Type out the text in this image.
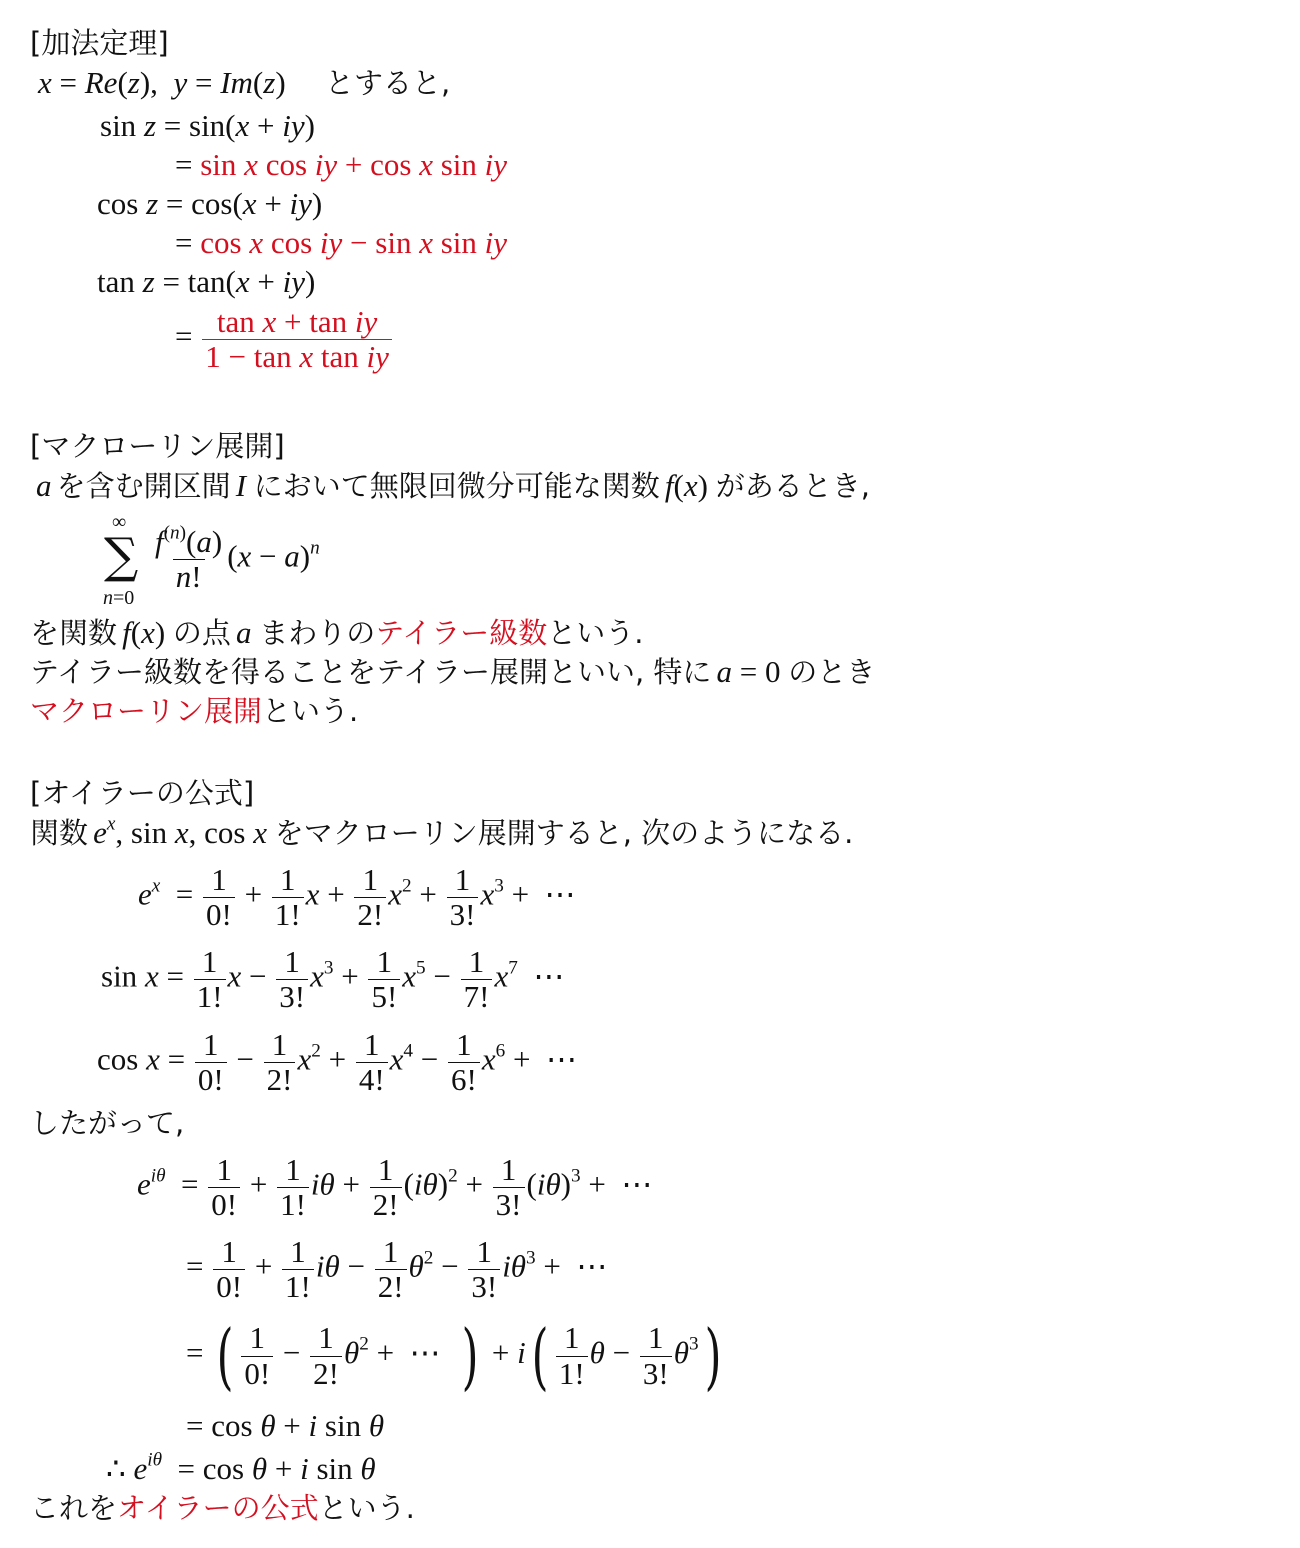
[加法定理]
x = Re(z),  y = Im(z) とすると,
sin z = sin(x + iy)
= sin x cos iy + cos x sin iy
cos z = cos(x + iy)
= cos x cos iy − sin x sin iy
tan z = tan(x + iy)
= $\frac{\text{tan x + tan iy}}{\text{1 − tan x tan iy}}$
[マクローリン展開]
a を含む開区間 I において無限回微分可能な関数 f(x) があるとき,
∞
∑
n=0
$\frac{f^{(n)}(a)}{n!} (x - a)^n$
を関数 f(x) の点 a まわりのテイラー級数という.
テイラー級数を得ることをテイラー展開といい, 特に a = 0 のとき
マクローリン展開という.
[オイラーの公式]
関数 $e^x$, sin x, cos x をマクローリン展開すると, 次のようになる.
$e^x = \frac{1}{0!} + \frac{1}{1!}$ $x + \frac{1}{2!} x^2 + \frac{1}{3!} x^3$ +  ⋯
$\sin x = \frac{1}{1!}$ $x - \frac{1}{3!} x^3 + \frac{1}{5!} x^5 - \frac{1}{7!} x^7$  ⋯
$\cos x = \frac{1}{0!} - \frac{1}{2!} x^2 + \frac{1}{4!} x^4 - \frac{1}{6!} x^6$ +  ⋯
したがって,
$e^{i\theta} = \frac{1}{0!} + \frac{1}{1!}$ $i\theta + \frac{1}{2!} (i\theta)^2 + \frac{1}{3!} (i\theta)^3$ +  ⋯
= $\frac{1}{0!} + \frac{1}{1!}$ $i\theta - \frac{1}{2!} \theta^2 - \frac{1}{3!} i\theta^3$ +  ⋯
= ( $\frac{1}{0!} - \frac{1}{2!} \theta^2$ +  ⋯  ) + $i( \frac{1}{1!}$ $\theta - \frac{1}{3!} \theta^3$)
= cos θ + i sin θ
∴ $e^{i\theta} = \cos \theta + i$ sin θ
これをオイラーの公式という.
